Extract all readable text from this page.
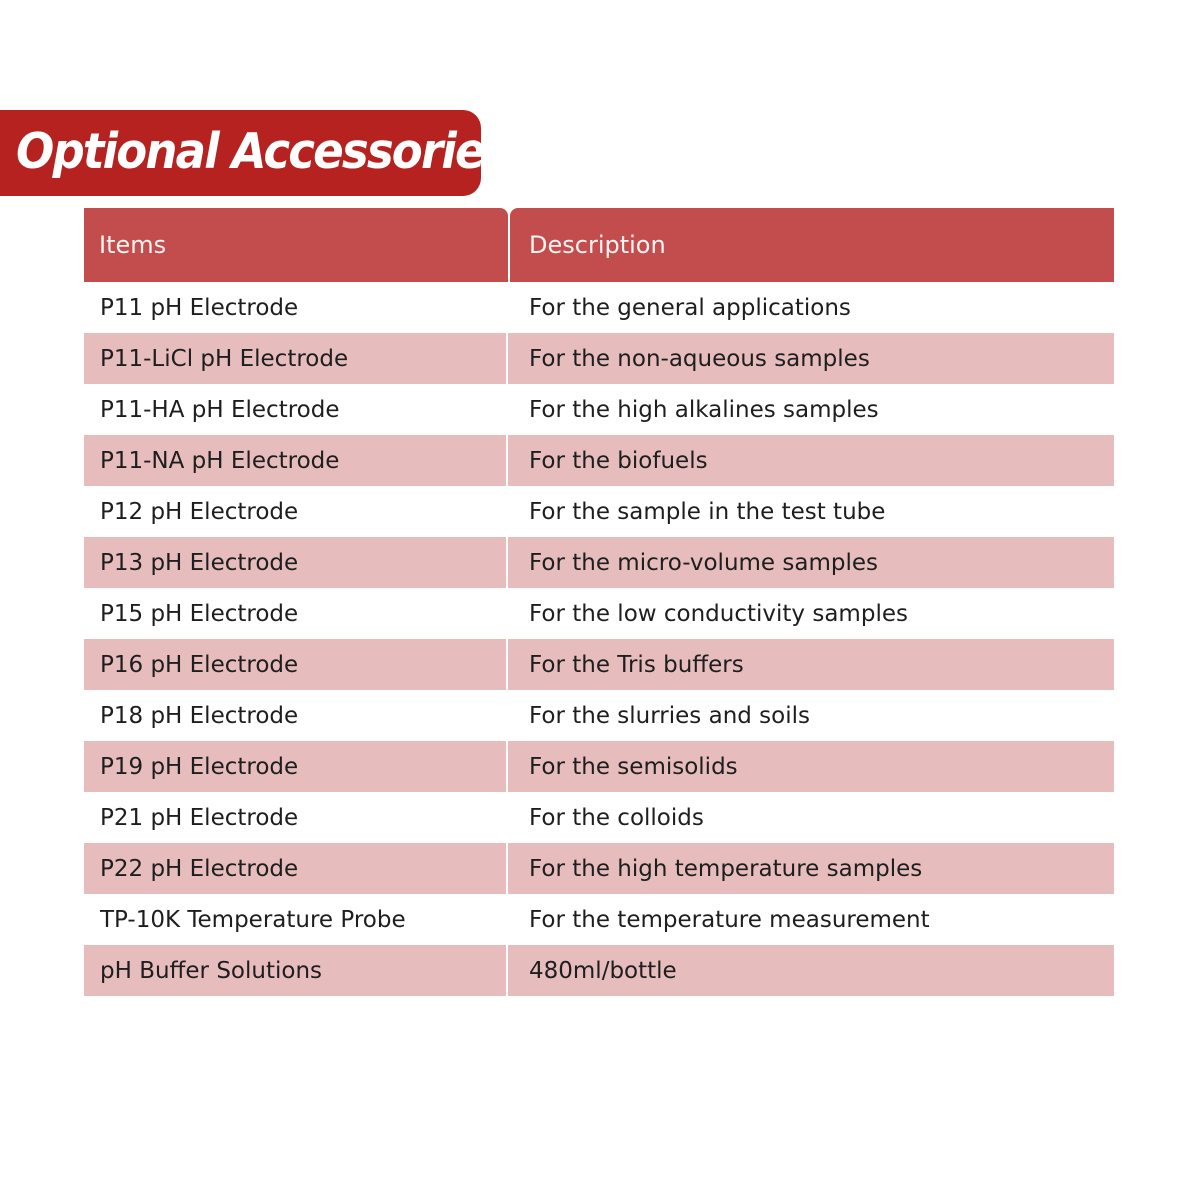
Optional Accessories
Items	Description
P11 pH Electrode	For the general applications
P11-LiCl pH Electrode	For the non-aqueous samples
P11-HA pH Electrode	For the high alkalines samples
P11-NA pH Electrode	For the biofuels
P12 pH Electrode	For the sample in the test tube
P13 pH Electrode	For the micro-volume samples
P15 pH Electrode	For the low conductivity samples
P16 pH Electrode	For the Tris buffers
P18 pH Electrode	For the slurries and soils
P19 pH Electrode	For the semisolids
P21 pH Electrode	For the colloids
P22 pH Electrode	For the high temperature samples
TP-10K Temperature Probe	For the temperature measurement
pH Buffer Solutions	480ml/bottle
